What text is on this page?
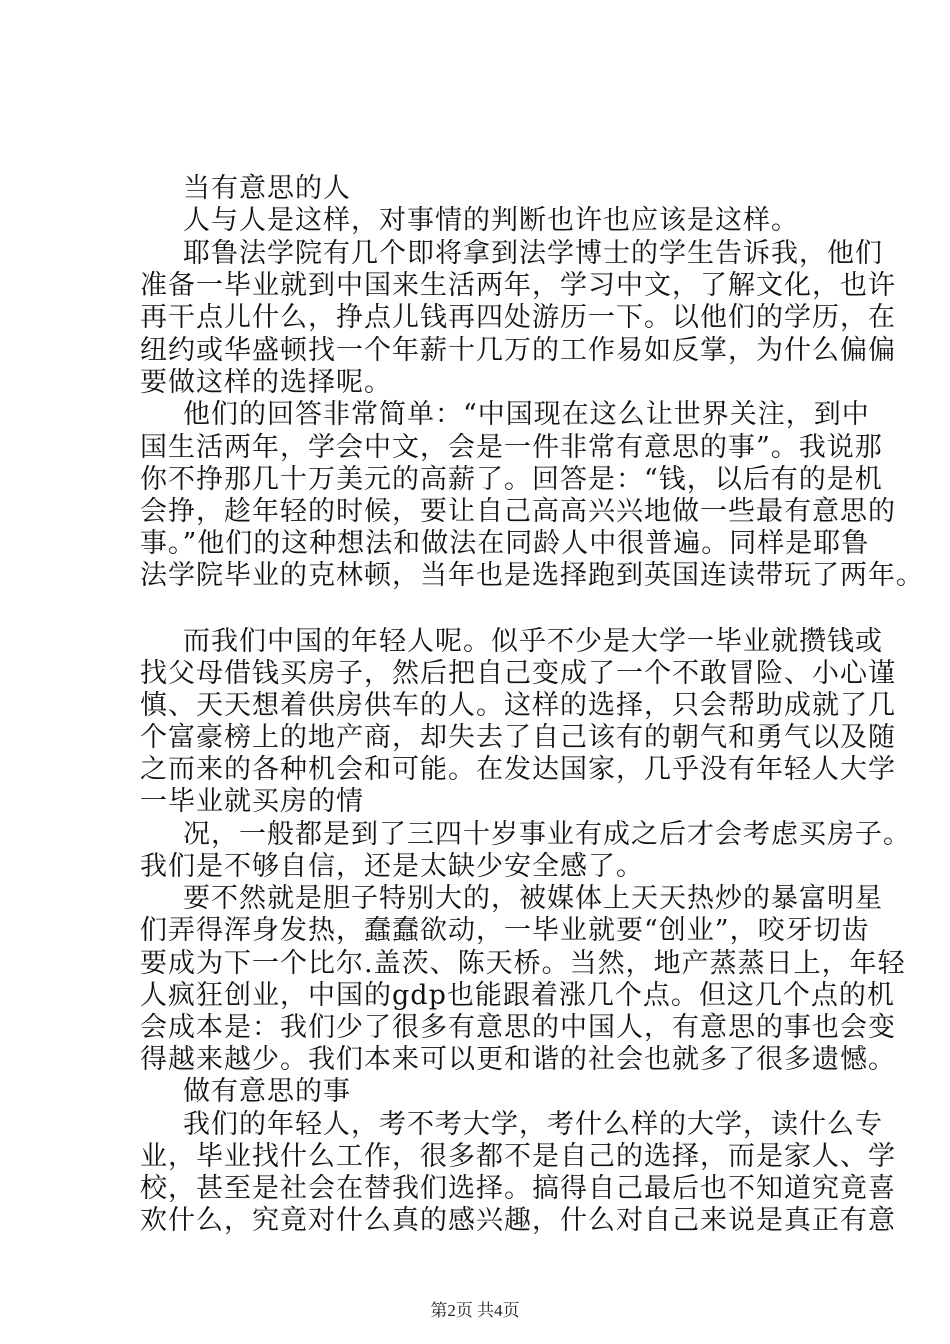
当有意思的人
人与人是这样，对事情的判断也许也应该是这样。
耶鲁法学院有几个即将拿到法学博士的学生告诉我，他们
准备一毕业就到中国来生活两年，学习中文，了解文化，也许
再干点儿什么，挣点儿钱再四处游历一下。以他们的学历，在
纽约或华盛顿找一个年薪十几万的工作易如反掌，为什么偏偏
要做这样的选择呢。
他们的回答非常简单：“中国现在这么让世界关注，到中
国生活两年，学会中文，会是一件非常有意思的事”。我说那
你不挣那几十万美元的高薪了。回答是：“钱，以后有的是机
会挣，趁年轻的时候，要让自己高高兴兴地做一些最有意思的
事。”他们的这种想法和做法在同龄人中很普遍。同样是耶鲁
法学院毕业的克林顿，当年也是选择跑到英国连读带玩了两年。
而我们中国的年轻人呢。似乎不少是大学一毕业就攒钱或
找父母借钱买房子，然后把自己变成了一个不敢冒险、小心谨
慎、天天想着供房供车的人。这样的选择，只会帮助成就了几
个富豪榜上的地产商，却失去了自己该有的朝气和勇气以及随
之而来的各种机会和可能。在发达国家，几乎没有年轻人大学
一毕业就买房的情
况，一般都是到了三四十岁事业有成之后才会考虑买房子。
我们是不够自信，还是太缺少安全感了。
要不然就是胆子特别大的，被媒体上天天热炒的暴富明星
们弄得浑身发热，蠢蠢欲动，一毕业就要“创业”，咬牙切齿
要成为下一个比尔.盖茨、陈天桥。当然，地产蒸蒸日上，年轻
人疯狂创业，中国的gdp也能跟着涨几个点。但这几个点的机
会成本是：我们少了很多有意思的中国人，有意思的事也会变
得越来越少。我们本来可以更和谐的社会也就多了很多遗憾。
做有意思的事
我们的年轻人，考不考大学，考什么样的大学，读什么专
业，毕业找什么工作，很多都不是自己的选择，而是家人、学
校，甚至是社会在替我们选择。搞得自己最后也不知道究竟喜
欢什么，究竟对什么真的感兴趣，什么对自己来说是真正有意
第2页 共4页
